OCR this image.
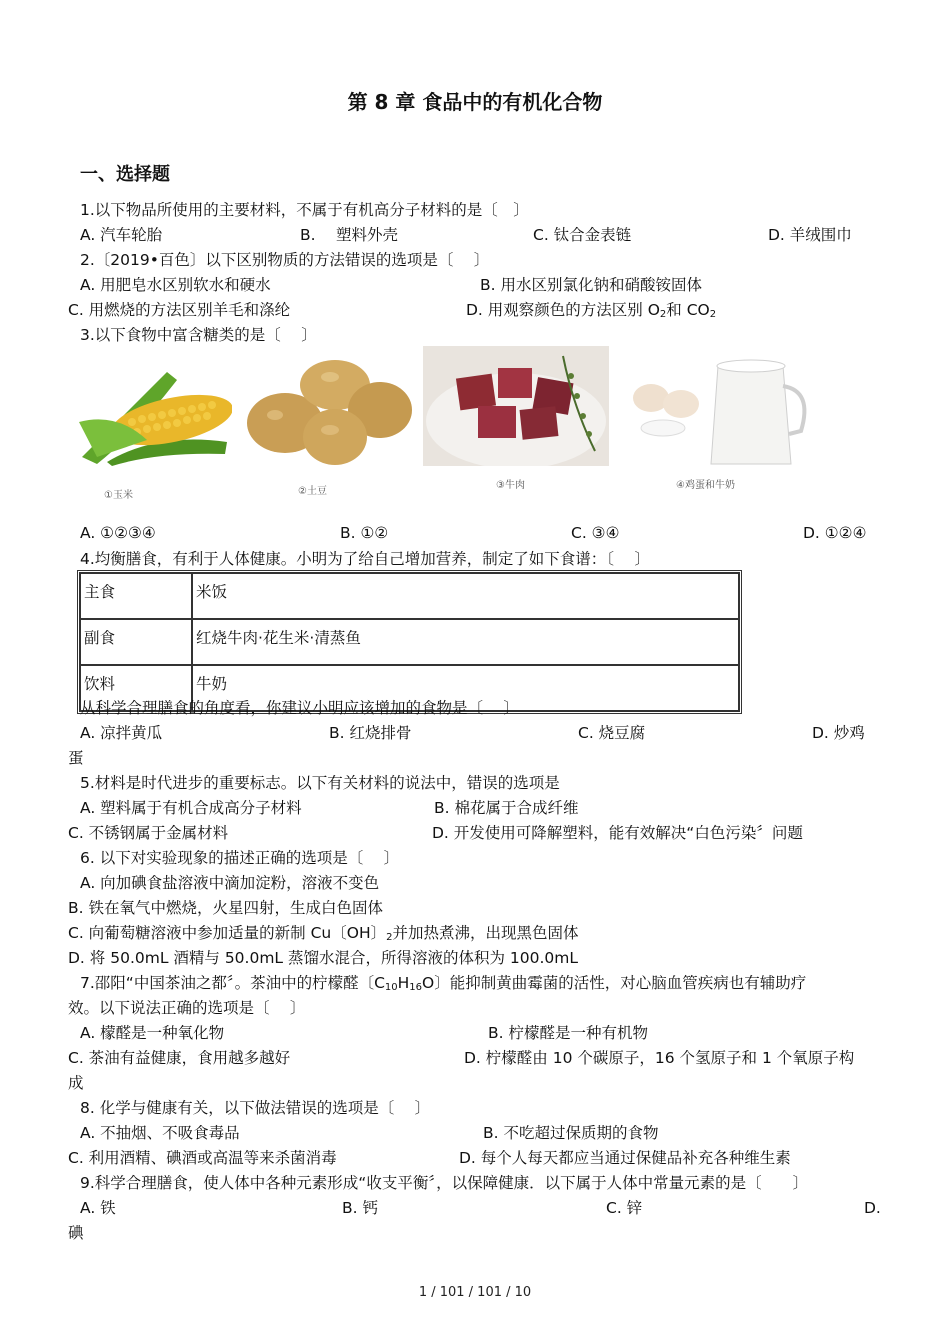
第 8 章 食品中的有机化合物
一、选择题
1.以下物品所使用的主要材料，不属于有机高分子材料的是〔　〕
A. 汽车轮胎	B. 　塑料外壳	C. 钛合金表链	D. 羊绒围巾
2.〔2019•百色〕以下区别物质的方法错误的选项是〔　 〕
A. 用肥皂水区别软水和硬水	B. 用水区别氯化钠和硝酸铵固体
C. 用燃烧的方法区别羊毛和涤纶	D. 用观察颜色的方法区别 $O_2$和 $CO_2$
3.以下食物中富含糖类的是〔　 〕
①玉米	②土豆
③牛肉	④鸡蛋和牛奶
A. ①②③④	B. ①②	C. ③④	D. ①②④
4.均衡膳食，有利于人体健康。小明为了给自己增加营养，制定了如下食谱：〔　 〕
主食	米饭
副食	红烧牛肉·花生米·清蒸鱼
饮料	牛奶
从科学合理膳食的角度看，你建议小明应该增加的食物是〔　 〕
A. 凉拌黄瓜	B. 红烧排骨	C. 烧豆腐	D. 炒鸡
蛋
5.材料是时代进步的重要标志。以下有关材料的说法中，错误的选项是
A. 塑料属于有机合成高分子材料	B. 棉花属于合成纤维
C. 不锈钢属于金属材料	D. 开发使用可降解塑料，能有效解决“白色污染〞问题
6. 以下对实验现象的描述正确的选项是〔　 〕
A. 向加碘食盐溶液中滴加淀粉，溶液不变色
B. 铁在氧气中燃烧，火星四射，生成白色固体
C. 向葡萄糖溶液中参加适量的新制 Cu〔OH〕$_2$并加热煮沸，出现黑色固体
D. 将 50.0mL 酒精与 50.0mL 蒸馏水混合，所得溶液的体积为 100.0mL
7.邵阳“中国茶油之都〞。茶油中的柠檬醛〔$C_{10}H_{16}O$〕能抑制黄曲霉菌的活性，对心脑血管疾病也有辅助疗
效。以下说法正确的选项是〔　 〕
A. 檬醛是一种氧化物	B. 柠檬醛是一种有机物
C. 茶油有益健康，食用越多越好	D. 柠檬醛由 10 个碳原子，16 个氢原子和 1 个氧原子构
成
8. 化学与健康有关，以下做法错误的选项是〔　 〕
A. 不抽烟、不吸食毒品	B. 不吃超过保质期的食物
C. 利用酒精、碘酒或高温等来杀菌消毒	D. 每个人每天都应当通过保健品补充各种维生素
9.科学合理膳食，使人体中各种元素形成“收支平衡〞，以保障健康．以下属于人体中常量元素的是〔　　〕
A. 铁	B. 钙	C. 锌	D.
碘
1 / 101 / 101 / 10
